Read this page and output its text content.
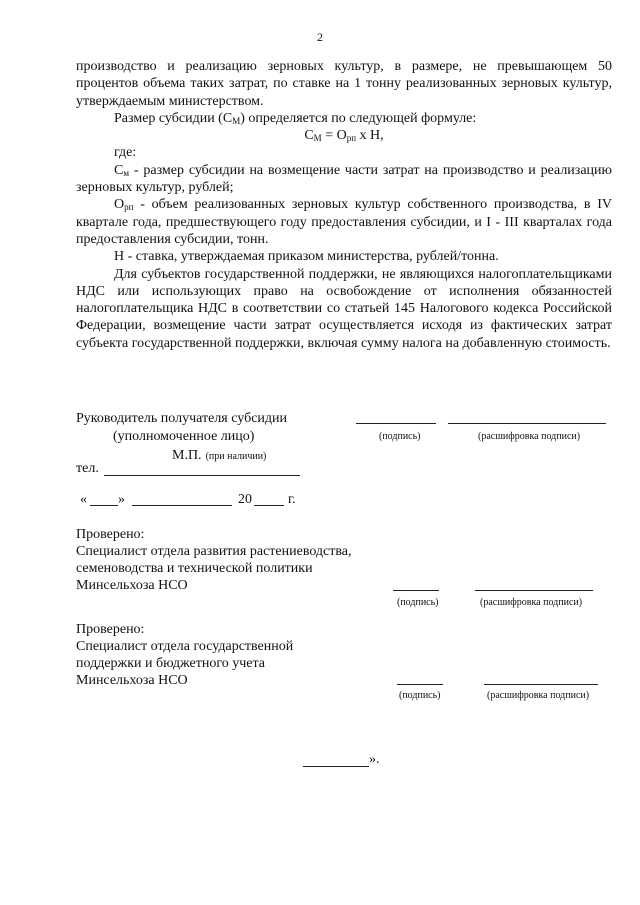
2

производство и реализацию зерновых культур, в размере, не превышающем 50 процентов объема таких затрат, по ставке на 1 тонну реализованных зерновых культур, утверждаемым министерством.

Размер субсидии $(С_М)$ определяется по следующей формуле:

$С_М = О_{рп}$ х Н,

где:

$С_м$ - размер субсидии на возмещение части затрат на производство и реализацию зерновых культур, рублей;

$О_{рп}$ - объем реализованных зерновых культур собственного производства, в IV квартале года, предшествующего году предоставления субсидии, и I - III кварталах года предоставления субсидии, тонн.

Н - ставка, утверждаемая приказом министерства, рублей/тонна.

Для субъектов государственной поддержки, не являющихся налогоплательщиками НДС или использующих право на освобождение от исполнения обязанностей налогоплательщика НДС в соответствии со статьей 145 Налогового кодекса Российской Федерации, возмещение части затрат осуществляется исходя из фактических затрат субъекта государственной поддержки, включая сумму налога на добавленную стоимость.

Руководитель получателя субсидии
(уполномоченное лицо)	(подпись)	(расшифровка подписи)
М.П. (при наличии)
тел.
« »	20	г.
Проверено:
Специалист отдела развития растениеводства,
семеноводства и технической политики
Минсельхоза НСО
(подпись)	(расшифровка подписи)
Проверено:
Специалист отдела государственной
поддержки и бюджетного учета
Минсельхоза НСО
(подпись)	(расшифровка подписи)
».
